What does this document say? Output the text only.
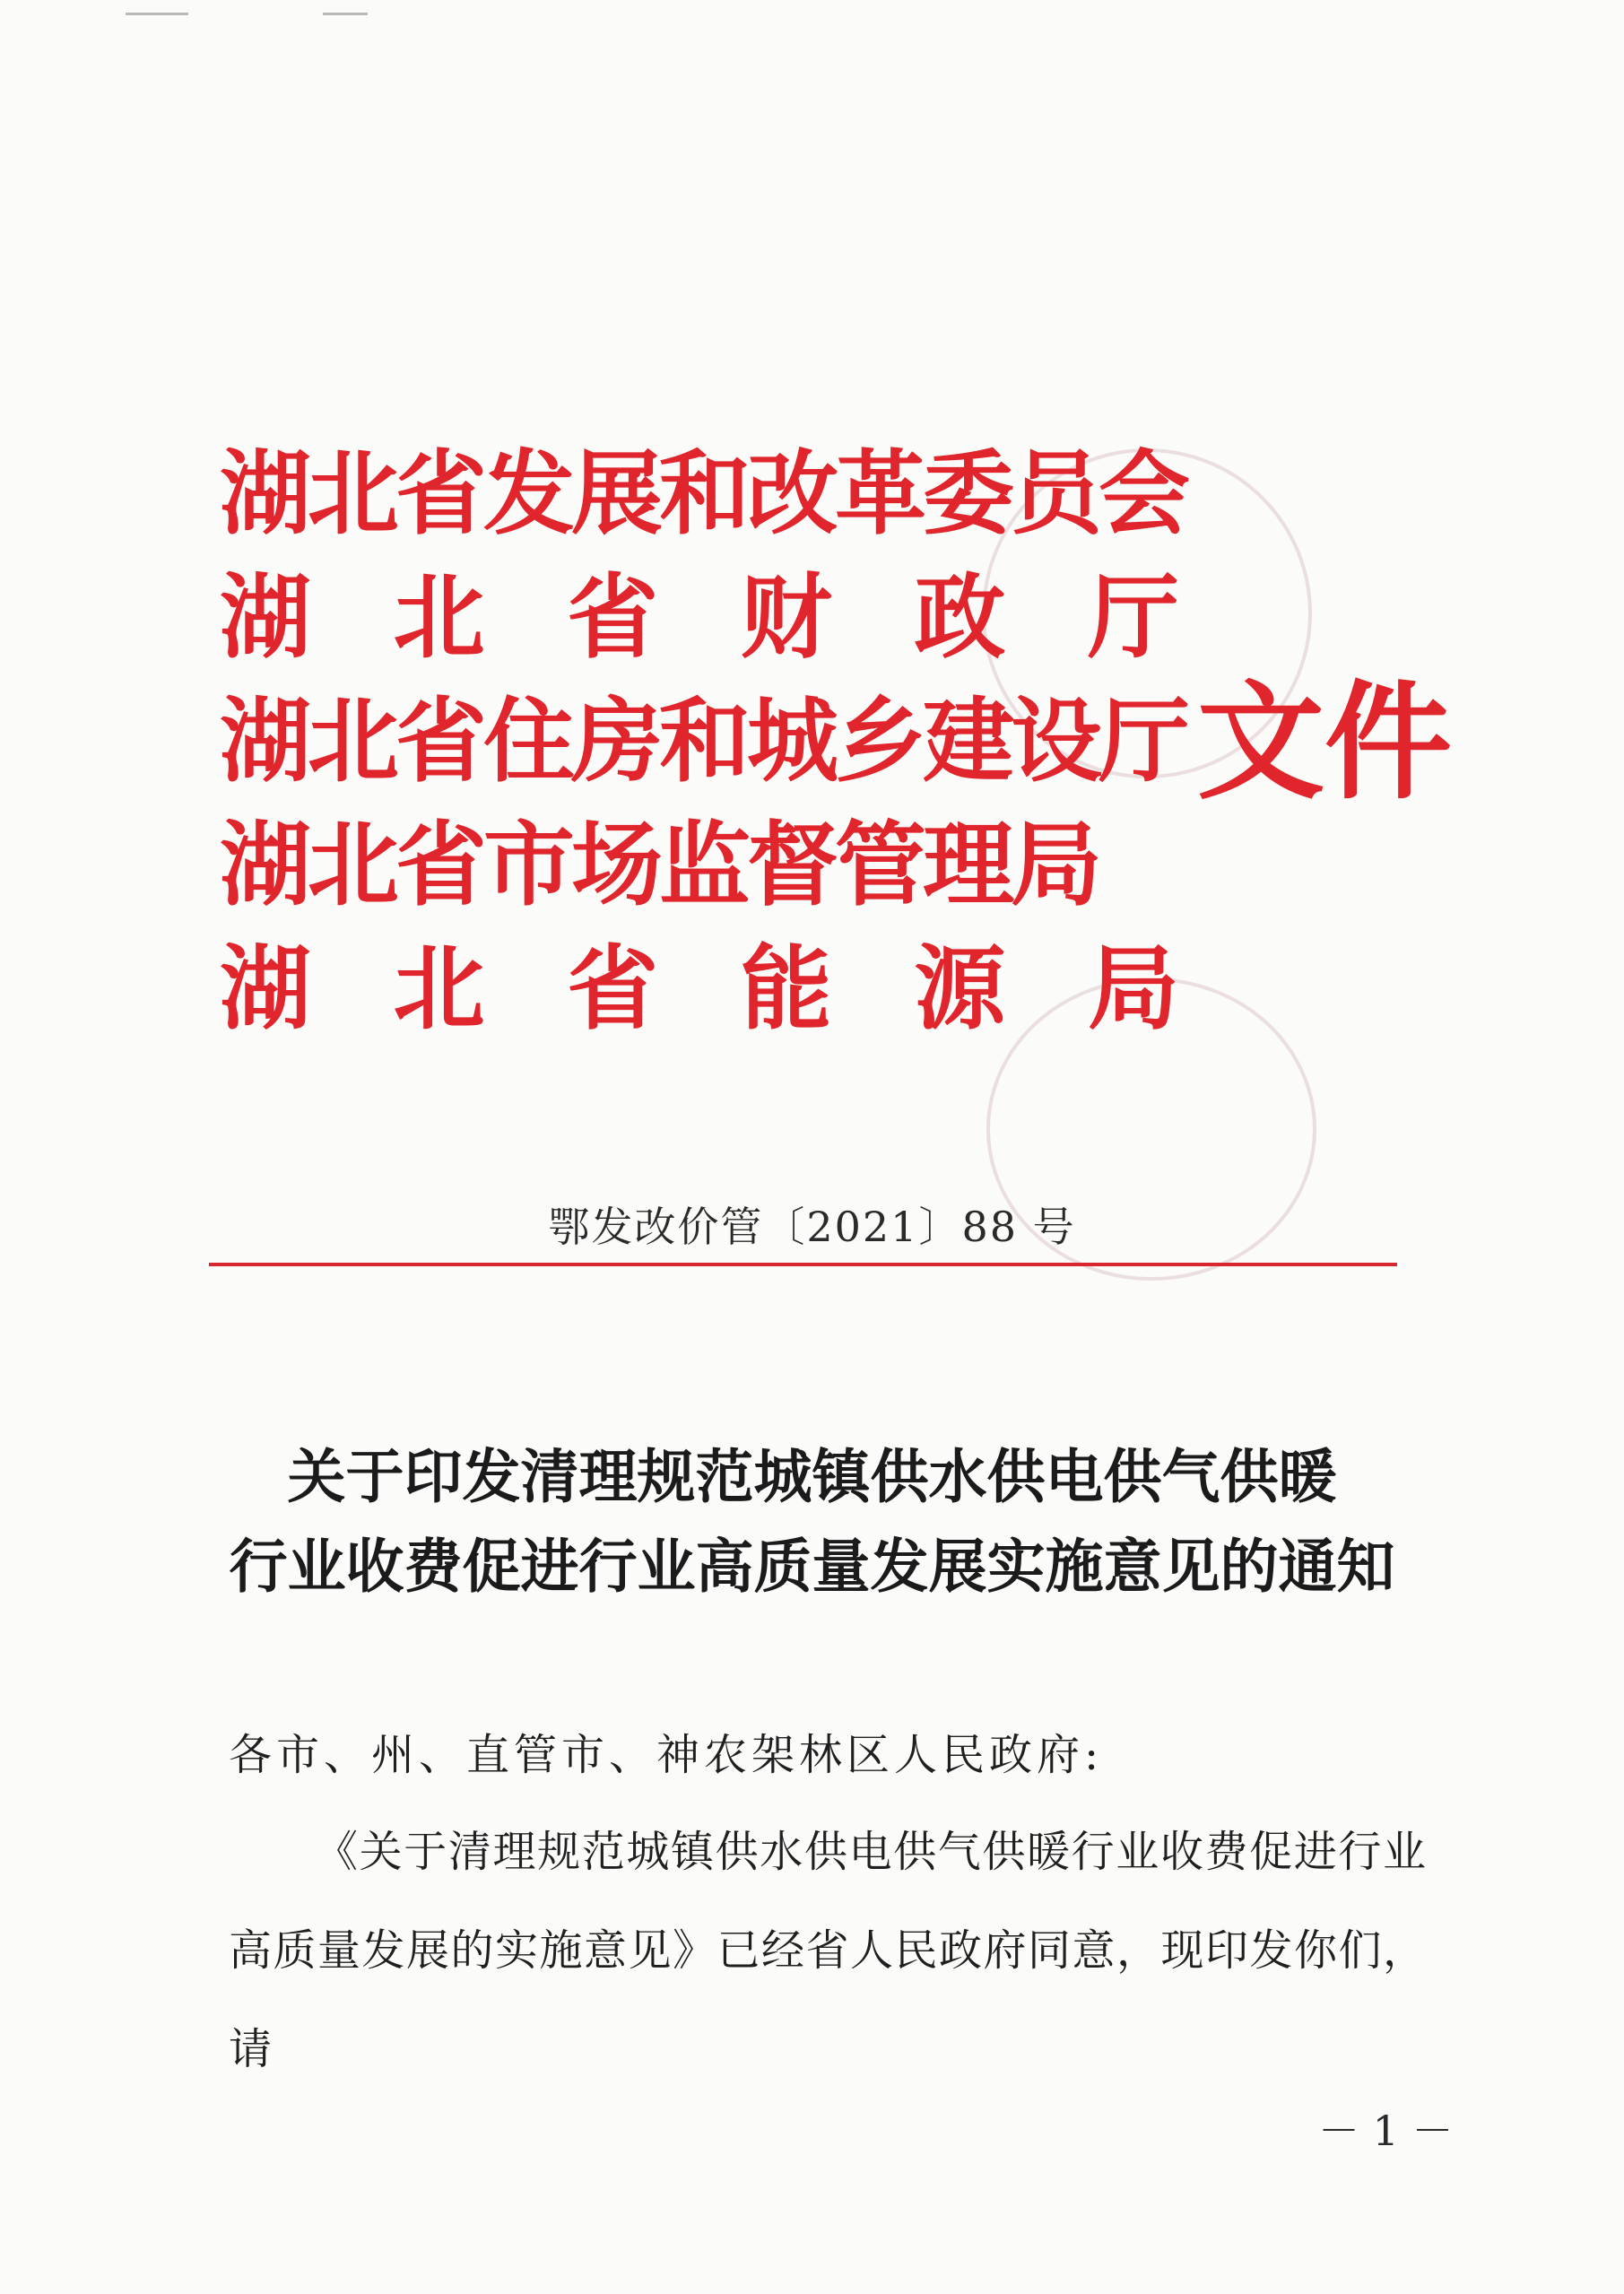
湖北省发展和改革委员会
湖 北 省 财 政 厅
湖北省住房和城乡建设厅
湖北省市场监督管理局
湖 北 省 能 源 局
文件
鄂发改价管〔2021〕88 号
关于印发清理规范城镇供水供电供气供暖
行业收费促进行业高质量发展实施意见的通知
各市、州、直管市、神农架林区人民政府:
《关于清理规范城镇供水供电供气供暖行业收费促进行业
高质量发展的实施意见》已经省人民政府同意，现印发你们，请
－ 1 －
